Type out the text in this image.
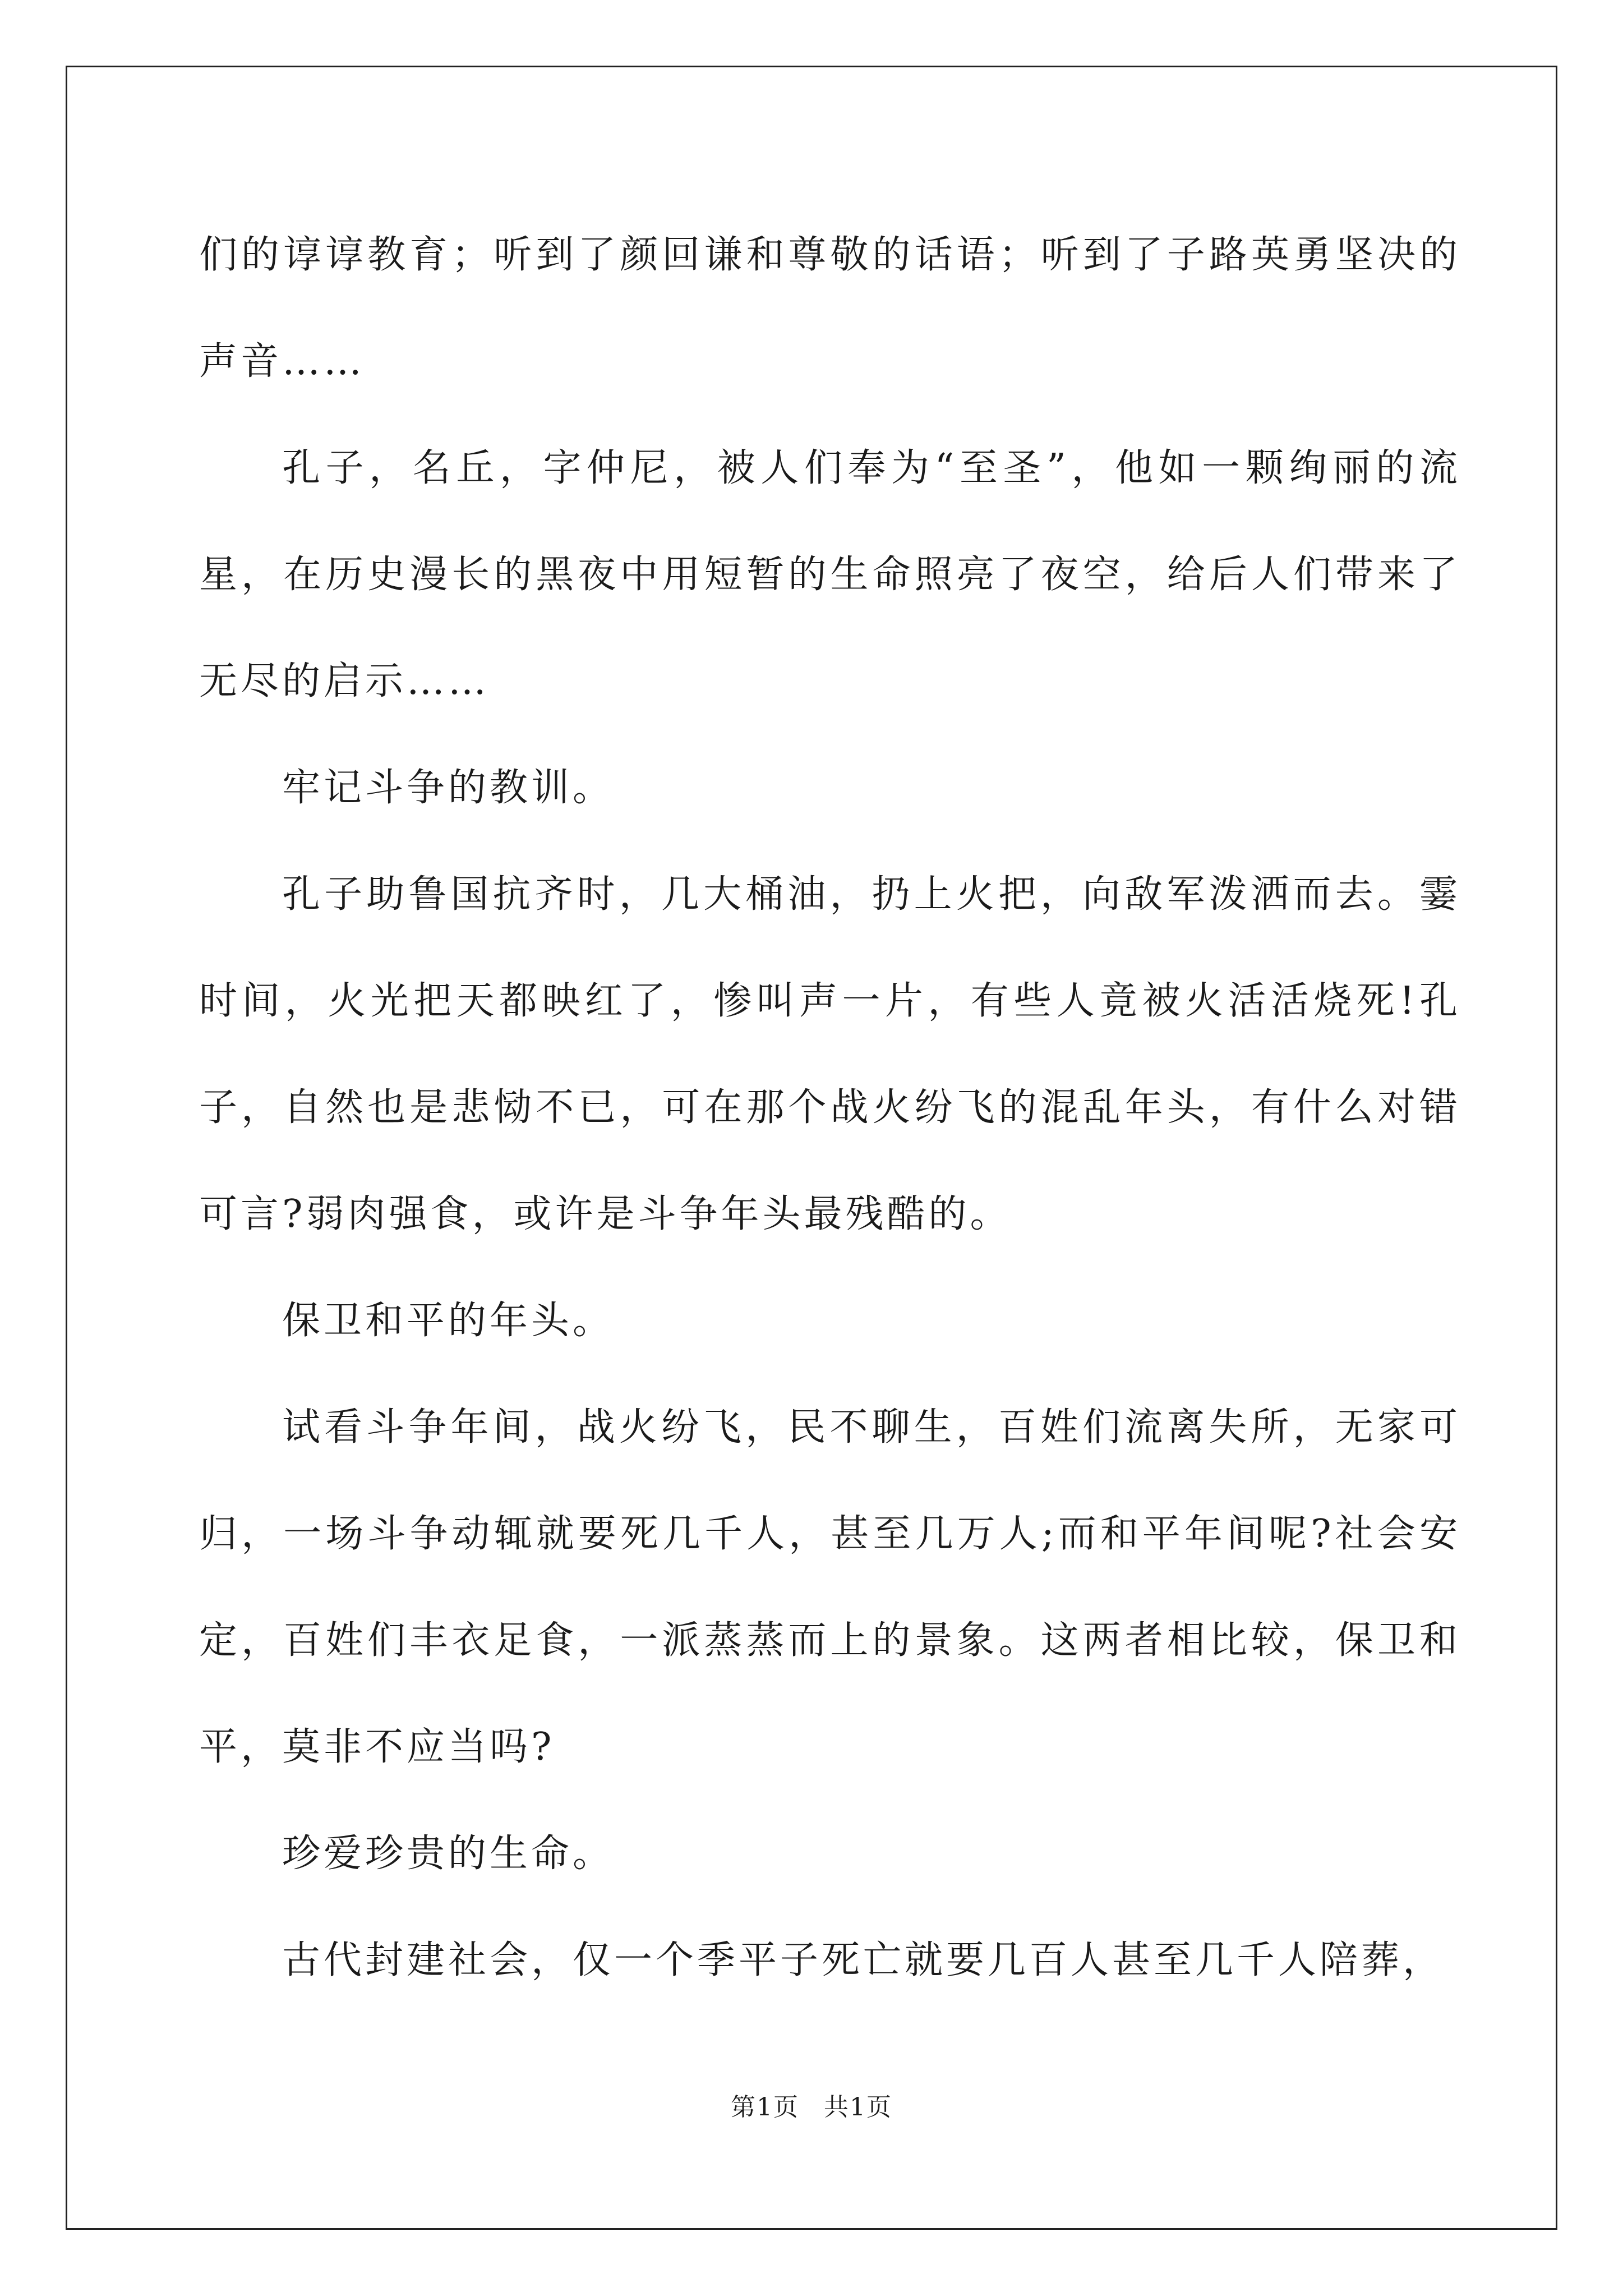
们的谆谆教育；听到了颜回谦和尊敬的话语；听到了子路英勇坚决的声音……

孔子，名丘，字仲尼，被人们奉为“至圣”，他如一颗绚丽的流星，在历史漫长的黑夜中用短暂的生命照亮了夜空，给后人们带来了无尽的启示……

牢记斗争的教训。

孔子助鲁国抗齐时，几大桶油，扔上火把，向敌军泼洒而去。霎时间，火光把天都映红了，惨叫声一片，有些人竟被火活活烧死!孔子，自然也是悲恸不已，可在那个战火纷飞的混乱年头，有什么对错可言?弱肉强食，或许是斗争年头最残酷的。

保卫和平的年头。

试看斗争年间，战火纷飞，民不聊生，百姓们流离失所，无家可归，一场斗争动辄就要死几千人，甚至几万人;而和平年间呢?社会安定，百姓们丰衣足食，一派蒸蒸而上的景象。这两者相比较，保卫和平，莫非不应当吗?

珍爱珍贵的生命。

古代封建社会，仅一个季平子死亡就要几百人甚至几千人陪葬，

第1页 共1页
